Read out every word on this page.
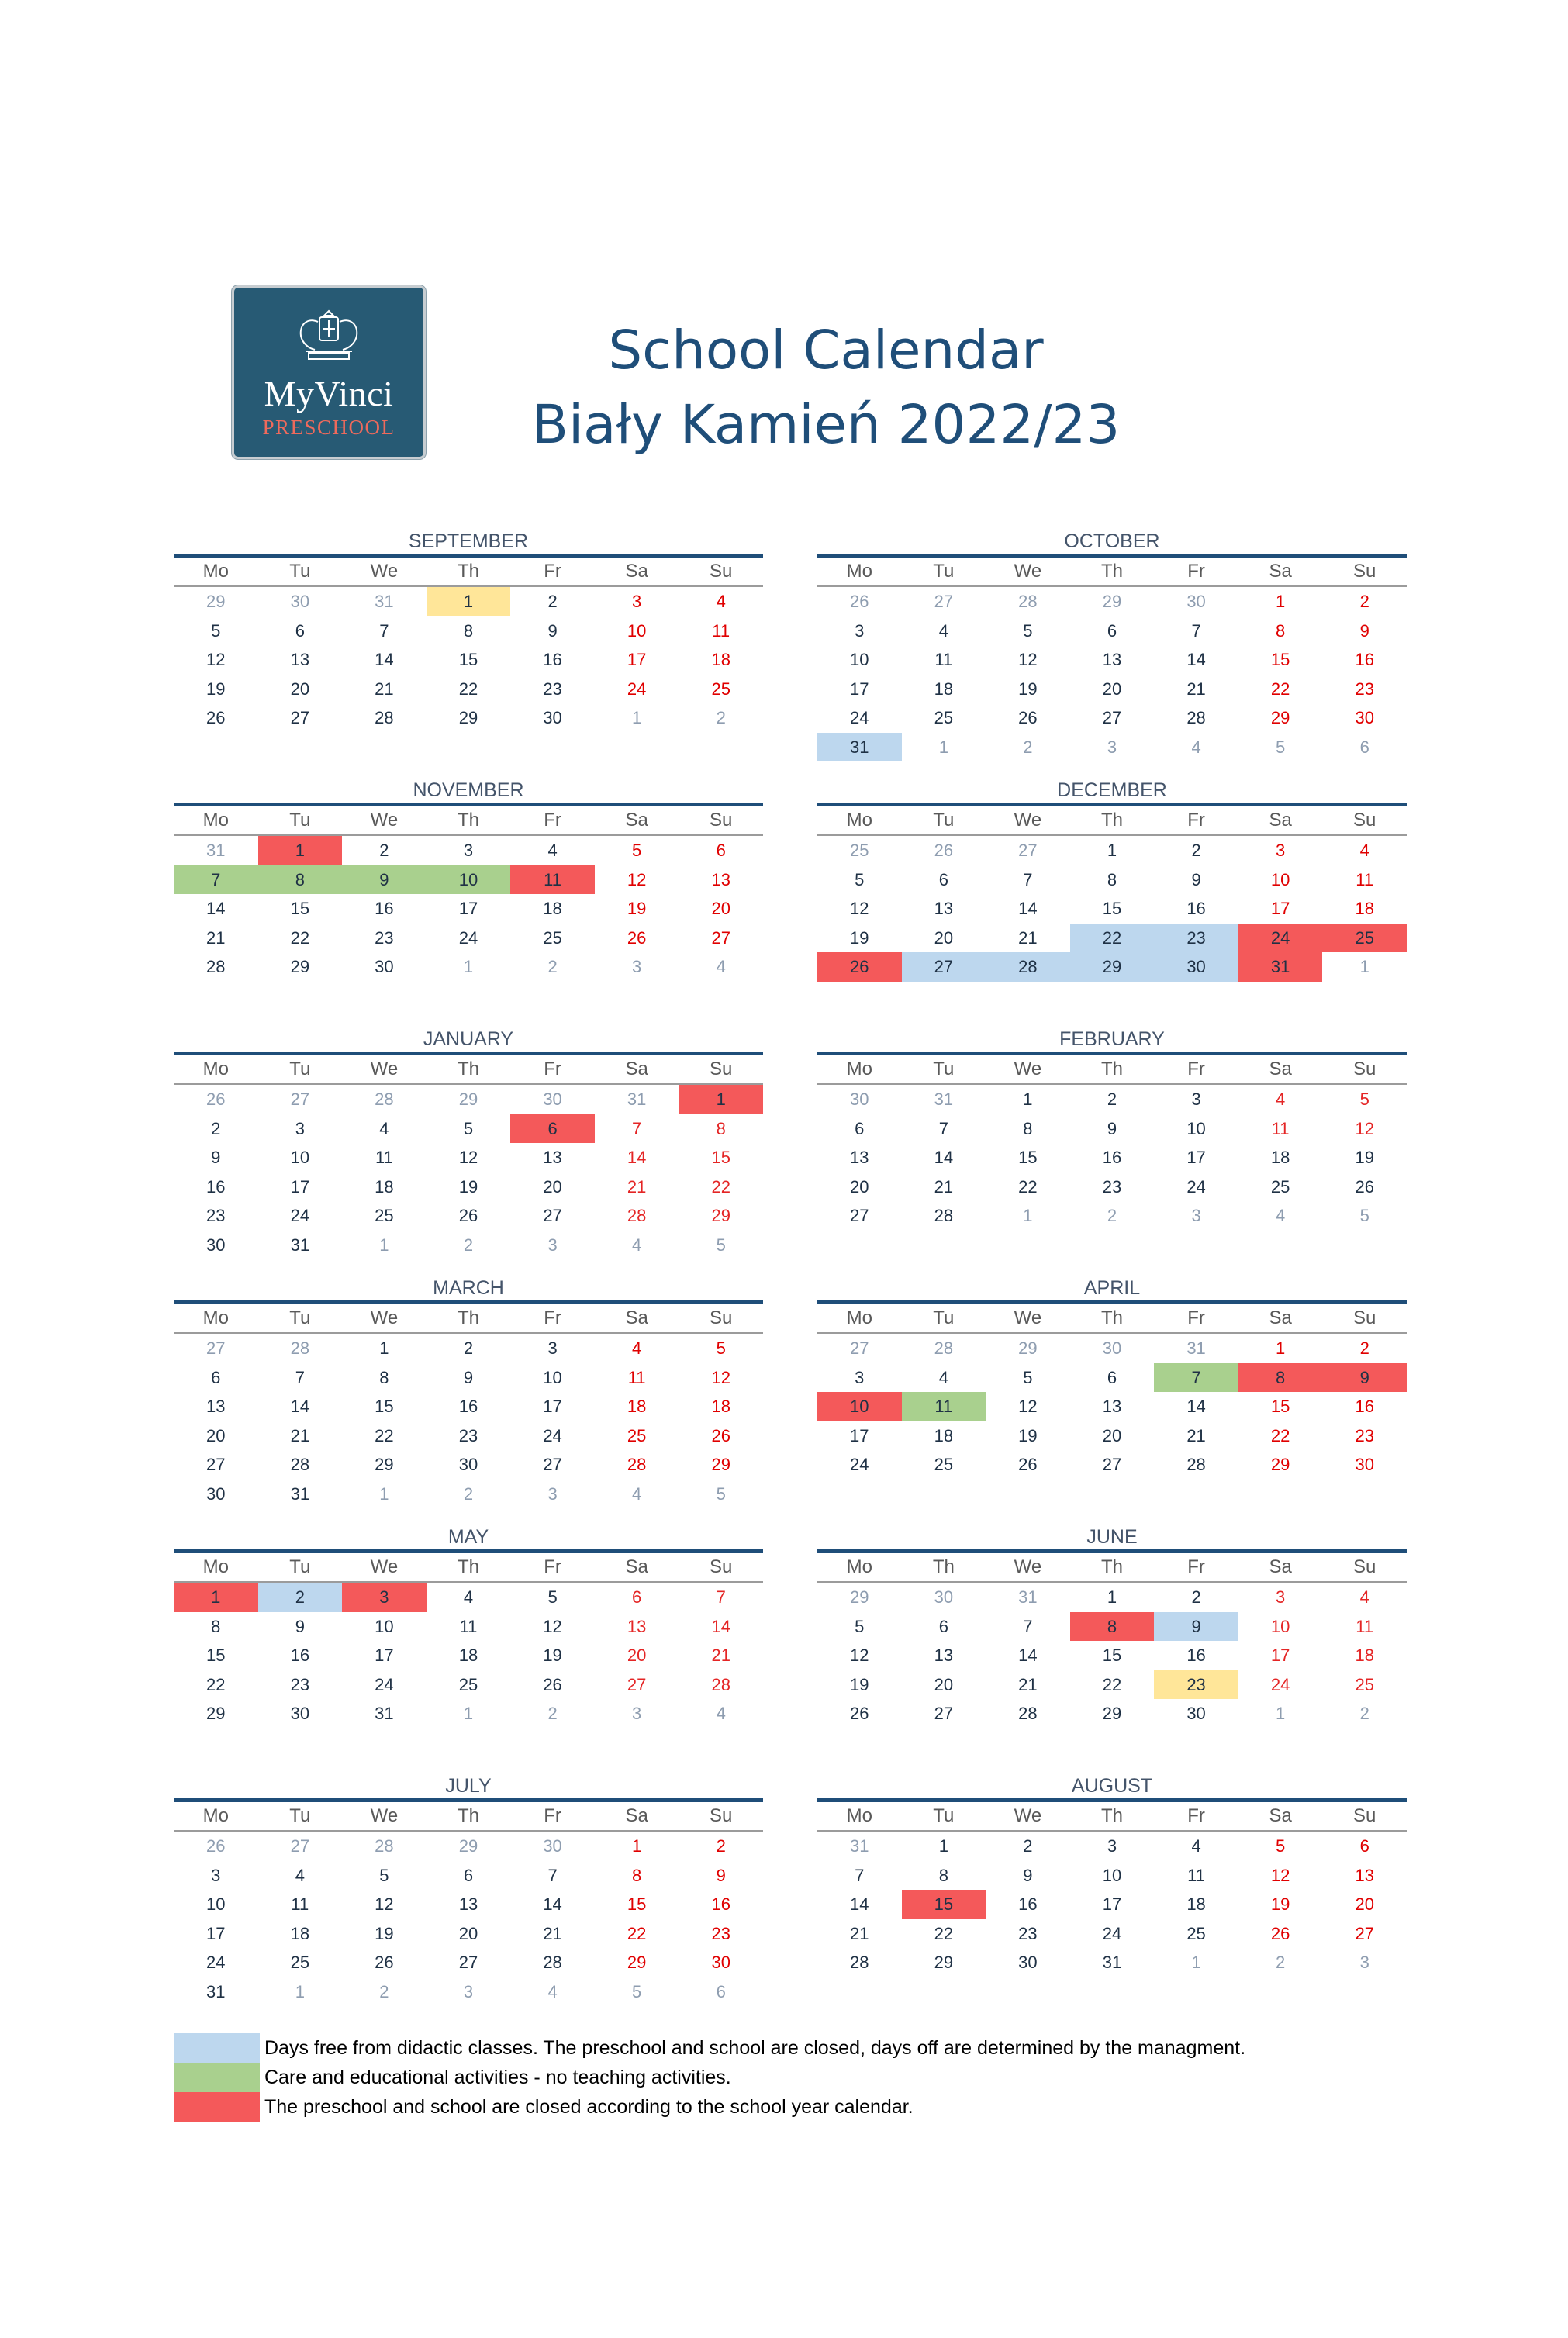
MyVinci
PRESCHOOL
School Calendar
Biały Kamień 2022/23
SEPTEMBER
Mo	Tu	We	Th	Fr	Sa	Su
29	30	31	1	2	3	4
5	6	7	8	9	10	11
12	13	14	15	16	17	18
19	20	21	22	23	24	25
26	27	28	29	30	1	2
OCTOBER
Mo	Tu	We	Th	Fr	Sa	Su
26	27	28	29	30	1	2
3	4	5	6	7	8	9
10	11	12	13	14	15	16
17	18	19	20	21	22	23
24	25	26	27	28	29	30
31	1	2	3	4	5	6
NOVEMBER
Mo	Tu	We	Th	Fr	Sa	Su
31	1	2	3	4	5	6
7	8	9	10	11	12	13
14	15	16	17	18	19	20
21	22	23	24	25	26	27
28	29	30	1	2	3	4
DECEMBER
Mo	Tu	We	Th	Fr	Sa	Su
25	26	27	1	2	3	4
5	6	7	8	9	10	11
12	13	14	15	16	17	18
19	20	21	22	23	24	25
26	27	28	29	30	31	1
JANUARY
Mo	Tu	We	Th	Fr	Sa	Su
26	27	28	29	30	31	1
2	3	4	5	6	7	8
9	10	11	12	13	14	15
16	17	18	19	20	21	22
23	24	25	26	27	28	29
30	31	1	2	3	4	5
FEBRUARY
Mo	Tu	We	Th	Fr	Sa	Su
30	31	1	2	3	4	5
6	7	8	9	10	11	12
13	14	15	16	17	18	19
20	21	22	23	24	25	26
27	28	1	2	3	4	5
MARCH
Mo	Tu	We	Th	Fr	Sa	Su
27	28	1	2	3	4	5
6	7	8	9	10	11	12
13	14	15	16	17	18	18
20	21	22	23	24	25	26
27	28	29	30	27	28	29
30	31	1	2	3	4	5
APRIL
Mo	Tu	We	Th	Fr	Sa	Su
27	28	29	30	31	1	2
3	4	5	6	7	8	9
10	11	12	13	14	15	16
17	18	19	20	21	22	23
24	25	26	27	28	29	30
MAY
Mo	Tu	We	Th	Fr	Sa	Su
1	2	3	4	5	6	7
8	9	10	11	12	13	14
15	16	17	18	19	20	21
22	23	24	25	26	27	28
29	30	31	1	2	3	4
JUNE
Mo	Th	We	Th	Fr	Sa	Su
29	30	31	1	2	3	4
5	6	7	8	9	10	11
12	13	14	15	16	17	18
19	20	21	22	23	24	25
26	27	28	29	30	1	2
JULY
Mo	Tu	We	Th	Fr	Sa	Su
26	27	28	29	30	1	2
3	4	5	6	7	8	9
10	11	12	13	14	15	16
17	18	19	20	21	22	23
24	25	26	27	28	29	30
31	1	2	3	4	5	6
AUGUST
Mo	Tu	We	Th	Fr	Sa	Su
31	1	2	3	4	5	6
7	8	9	10	11	12	13
14	15	16	17	18	19	20
21	22	23	24	25	26	27
28	29	30	31	1	2	3
Days free from didactic classes. The preschool and school are closed, days off are determined by the managment.
Care and educational activities - no teaching activities.
The preschool and school are closed according to the school year calendar.
